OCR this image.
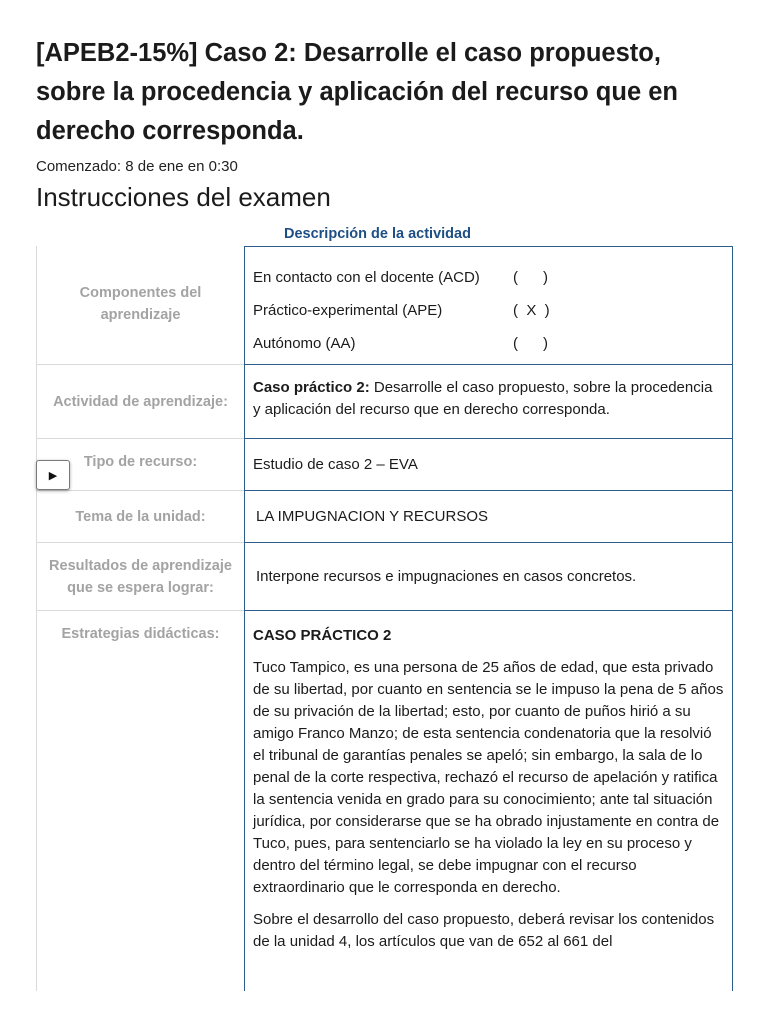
[APEB2-15%] Caso 2: Desarrolle el caso propuesto, sobre la procedencia y aplicación del recurso que en derecho corresponda.
Comenzado: 8 de ene en 0:30
Instrucciones del examen
Descripción de la actividad
Componentes del aprendizaje
En contacto con el docente (ACD)	(      )
Práctico-experimental (APE)	(  X  )
Autónomo (AA)	(      )
Actividad de aprendizaje:
Caso práctico 2: Desarrolle el caso propuesto, sobre la procedencia y aplicación del recurso que en derecho corresponda.
Tipo de recurso:	Estudio de caso 2 – EVA
Tema de la unidad:	LA IMPUGNACION Y RECURSOS
Resultados de aprendizaje que se espera lograr:
Interpone recursos e impugnaciones en casos concretos.
Estrategias didácticas:	CASO PRÁCTICO 2

Tuco Tampico, es una persona de 25 años de edad, que esta privado de su libertad, por cuanto en sentencia se le impuso la pena de 5 años de su privación de la libertad; esto, por cuanto de puños hirió a su amigo Franco Manzo; de esta sentencia condenatoria que la resolvió el tribunal de garantías penales se apeló; sin embargo, la sala de lo penal de la corte respectiva, rechazó el recurso de apelación y ratifica la sentencia venida en grado para su conocimiento; ante tal situación jurídica, por considerarse que se ha obrado injustamente en contra de Tuco, pues, para sentenciarlo se ha violado la ley en su proceso y dentro del término legal, se debe impugnar con el recurso extraordinario que le corresponda en derecho.

Sobre el desarrollo del caso propuesto, deberá revisar los contenidos de la unidad 4, los artículos que van de 652 al 661 del

▶
